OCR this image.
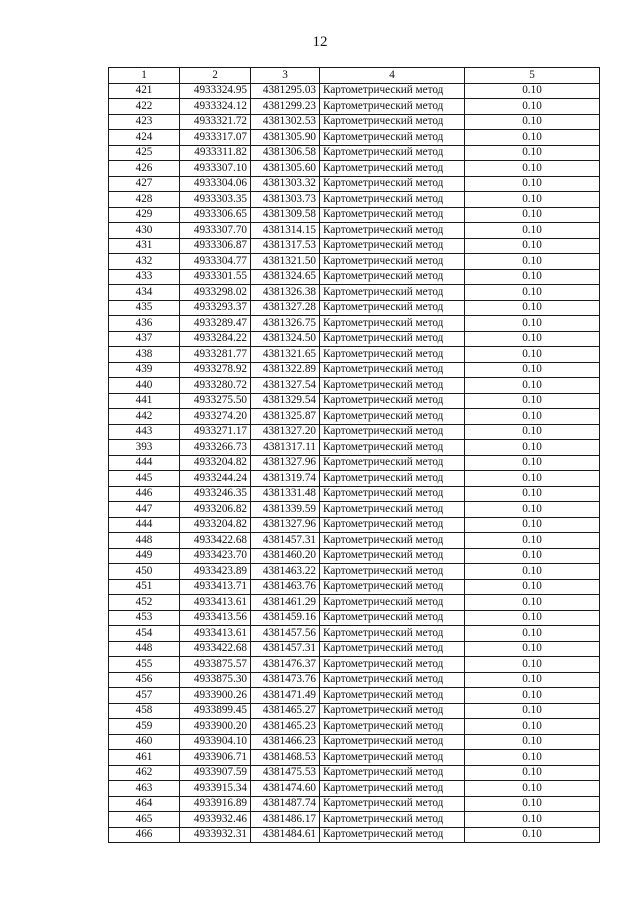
12
1	2	3	4	5
421	4933324.95	4381295.03	Картометрический метод	0.10
422	4933324.12	4381299.23	Картометрический метод	0.10
423	4933321.72	4381302.53	Картометрический метод	0.10
424	4933317.07	4381305.90	Картометрический метод	0.10
425	4933311.82	4381306.58	Картометрический метод	0.10
426	4933307.10	4381305.60	Картометрический метод	0.10
427	4933304.06	4381303.32	Картометрический метод	0.10
428	4933303.35	4381303.73	Картометрический метод	0.10
429	4933306.65	4381309.58	Картометрический метод	0.10
430	4933307.70	4381314.15	Картометрический метод	0.10
431	4933306.87	4381317.53	Картометрический метод	0.10
432	4933304.77	4381321.50	Картометрический метод	0.10
433	4933301.55	4381324.65	Картометрический метод	0.10
434	4933298.02	4381326.38	Картометрический метод	0.10
435	4933293.37	4381327.28	Картометрический метод	0.10
436	4933289.47	4381326.75	Картометрический метод	0.10
437	4933284.22	4381324.50	Картометрический метод	0.10
438	4933281.77	4381321.65	Картометрический метод	0.10
439	4933278.92	4381322.89	Картометрический метод	0.10
440	4933280.72	4381327.54	Картометрический метод	0.10
441	4933275.50	4381329.54	Картометрический метод	0.10
442	4933274.20	4381325.87	Картометрический метод	0.10
443	4933271.17	4381327.20	Картометрический метод	0.10
393	4933266.73	4381317.11	Картометрический метод	0.10
444	4933204.82	4381327.96	Картометрический метод	0.10
445	4933244.24	4381319.74	Картометрический метод	0.10
446	4933246.35	4381331.48	Картометрический метод	0.10
447	4933206.82	4381339.59	Картометрический метод	0.10
444	4933204.82	4381327.96	Картометрический метод	0.10
448	4933422.68	4381457.31	Картометрический метод	0.10
449	4933423.70	4381460.20	Картометрический метод	0.10
450	4933423.89	4381463.22	Картометрический метод	0.10
451	4933413.71	4381463.76	Картометрический метод	0.10
452	4933413.61	4381461.29	Картометрический метод	0.10
453	4933413.56	4381459.16	Картометрический метод	0.10
454	4933413.61	4381457.56	Картометрический метод	0.10
448	4933422.68	4381457.31	Картометрический метод	0.10
455	4933875.57	4381476.37	Картометрический метод	0.10
456	4933875.30	4381473.76	Картометрический метод	0.10
457	4933900.26	4381471.49	Картометрический метод	0.10
458	4933899.45	4381465.27	Картометрический метод	0.10
459	4933900.20	4381465.23	Картометрический метод	0.10
460	4933904.10	4381466.23	Картометрический метод	0.10
461	4933906.71	4381468.53	Картометрический метод	0.10
462	4933907.59	4381475.53	Картометрический метод	0.10
463	4933915.34	4381474.60	Картометрический метод	0.10
464	4933916.89	4381487.74	Картометрический метод	0.10
465	4933932.46	4381486.17	Картометрический метод	0.10
466	4933932.31	4381484.61	Картометрический метод	0.10
